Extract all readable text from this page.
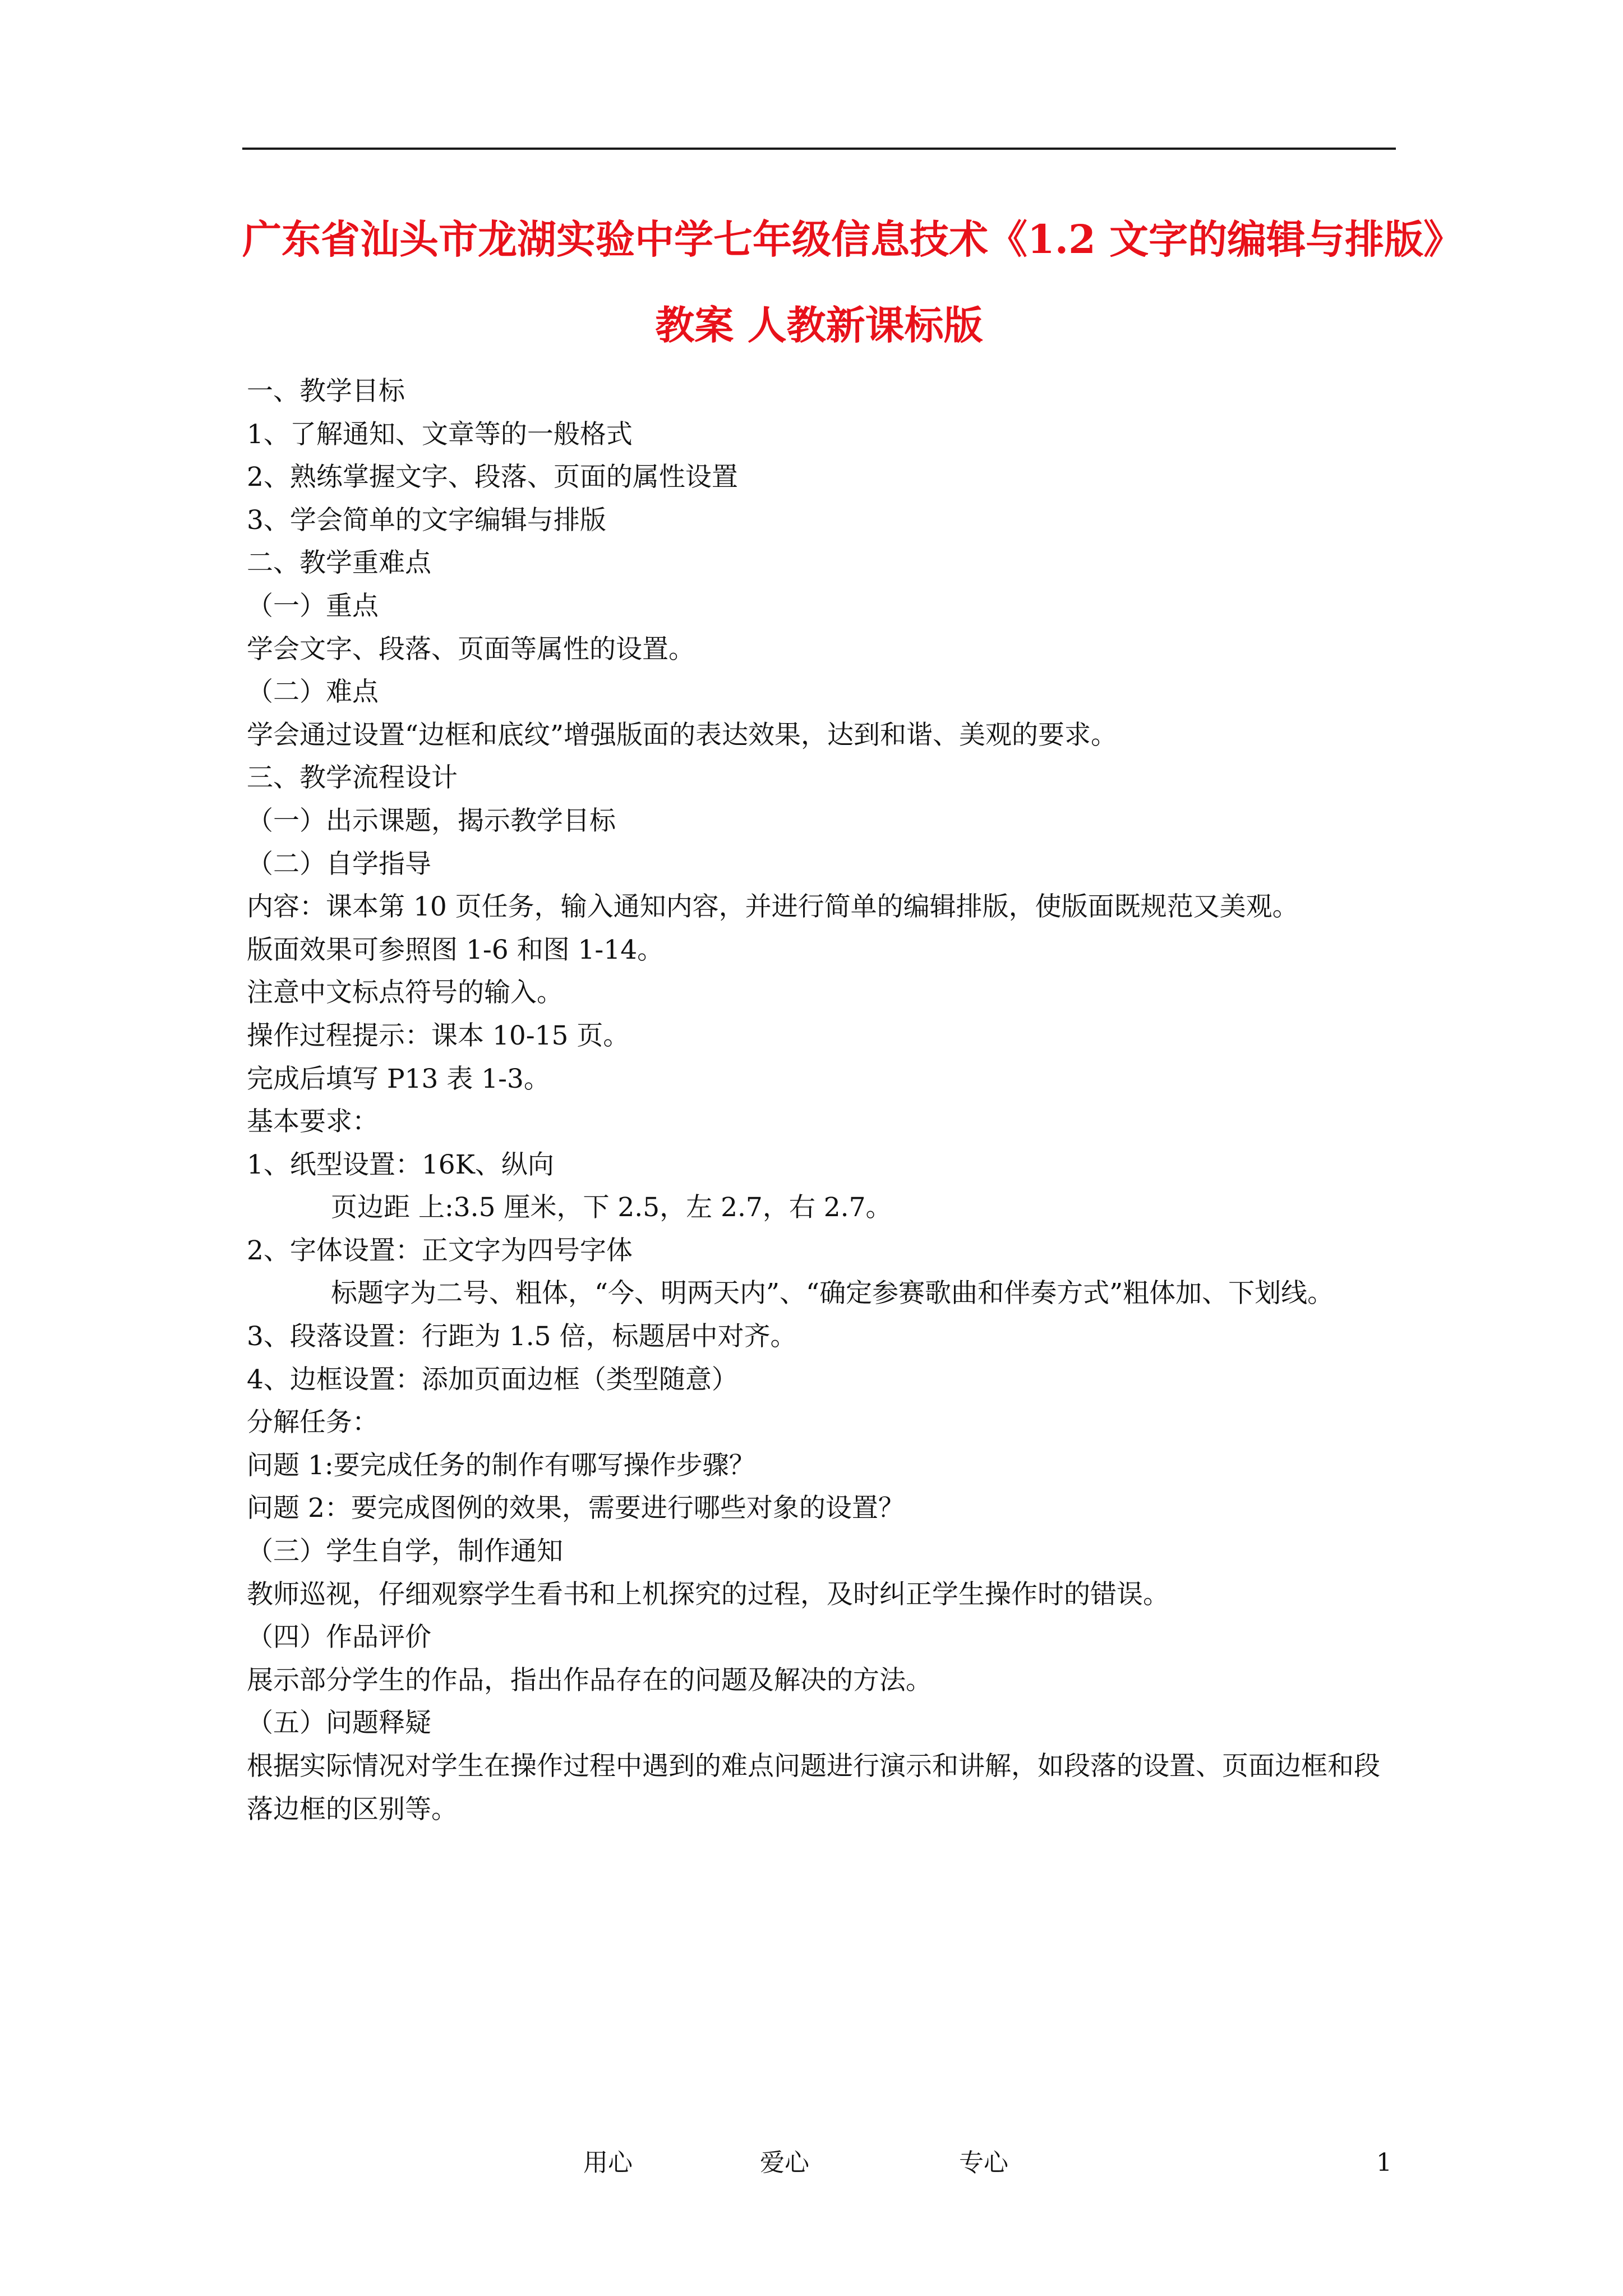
广东省汕头市龙湖实验中学七年级信息技术《1.2 文字的编辑与排版》
教案 人教新课标版
一、教学目标
1、了解通知、文章等的一般格式
2、熟练掌握文字、段落、页面的属性设置
3、学会简单的文字编辑与排版
二、教学重难点
（一）重点
学会文字、段落、页面等属性的设置。
（二）难点
学会通过设置“边框和底纹”增强版面的表达效果，达到和谐、美观的要求。
三、教学流程设计
（一）出示课题，揭示教学目标
（二）自学指导
内容：课本第 10 页任务，输入通知内容，并进行简单的编辑排版，使版面既规范又美观。
版面效果可参照图 1-6 和图 1-14。
注意中文标点符号的输入。
操作过程提示：课本 10-15 页。
完成后填写 P13 表 1-3。
基本要求：
1、纸型设置：16K、纵向
页边距 上:3.5 厘米，下 2.5，左 2.7，右 2.7。
2、字体设置：正文字为四号字体
标题字为二号、粗体，“今、明两天内”、“确定参赛歌曲和伴奏方式”粗体加、下划线。
3、段落设置：行距为 1.5 倍，标题居中对齐。
4、边框设置：添加页面边框（类型随意）
分解任务：
问题 1:要完成任务的制作有哪写操作步骤？
问题 2：要完成图例的效果，需要进行哪些对象的设置？
（三）学生自学，制作通知
教师巡视，仔细观察学生看书和上机探究的过程，及时纠正学生操作时的错误。
（四）作品评价
展示部分学生的作品，指出作品存在的问题及解决的方法。
（五）问题释疑
根据实际情况对学生在操作过程中遇到的难点问题进行演示和讲解，如段落的设置、页面边框和段落边框的区别等。
用心	爱心	专心	1
